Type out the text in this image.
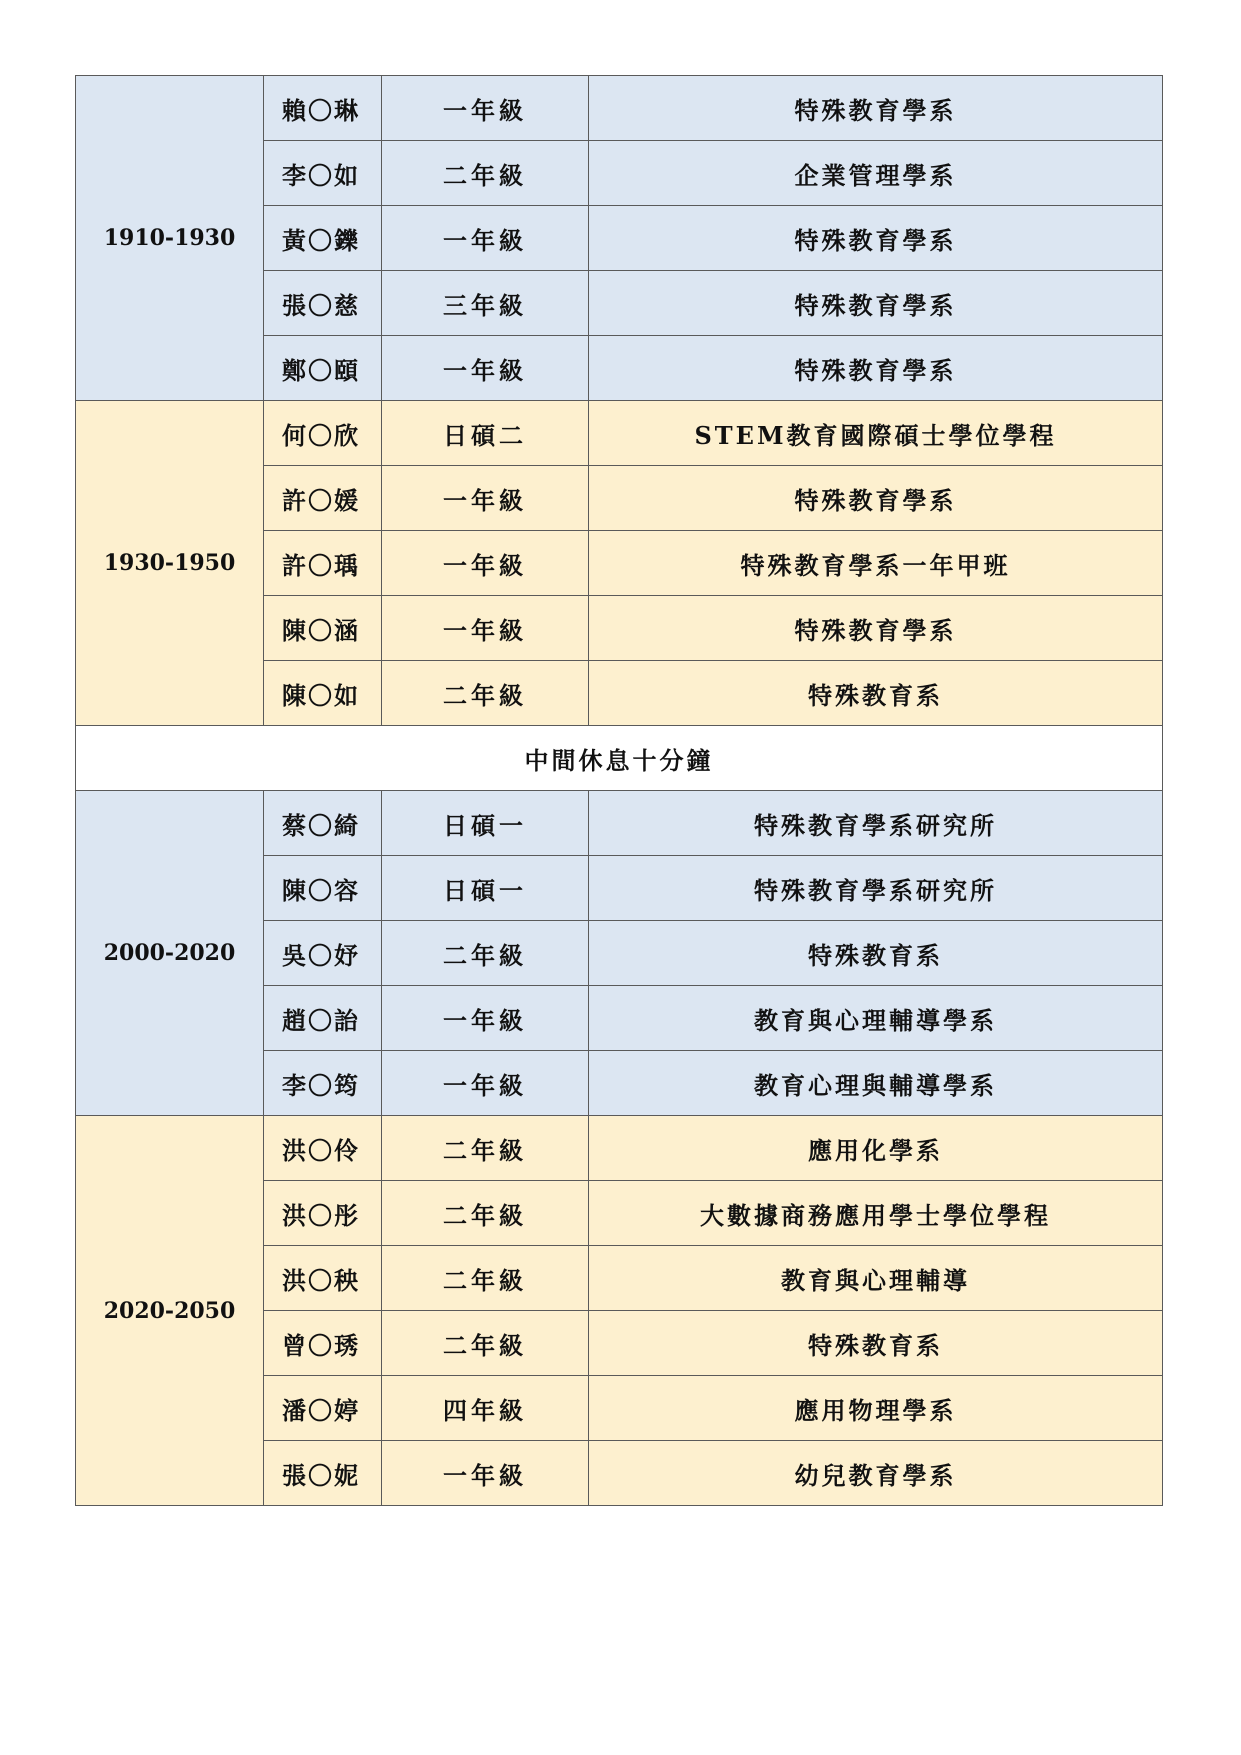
1910-1930	賴〇琳	一年級	特殊教育學系
	李〇如	二年級	企業管理學系
	黃〇鑠	一年級	特殊教育學系
	張〇慈	三年級	特殊教育學系
	鄭〇頤	一年級	特殊教育學系
1930-1950	何〇欣	日碩二	STEM教育國際碩士學位學程
	許〇媛	一年級	特殊教育學系
	許〇瑀	一年級	特殊教育學系一年甲班
	陳〇涵	一年級	特殊教育學系
	陳〇如	二年級	特殊教育系
中間休息十分鐘			
2000-2020	蔡〇綺	日碩一	特殊教育學系研究所
	陳〇容	日碩一	特殊教育學系研究所
	吳〇妤	二年級	特殊教育系
	趙〇詒	一年級	教育與心理輔導學系
	李〇筠	一年級	教育心理與輔導學系
2020-2050	洪〇伶	二年級	應用化學系
	洪〇彤	二年級	大數據商務應用學士學位學程
	洪〇秧	二年級	教育與心理輔導
	曾〇琇	二年級	特殊教育系
	潘〇婷	四年級	應用物理學系
	張〇妮	一年級	幼兒教育學系
